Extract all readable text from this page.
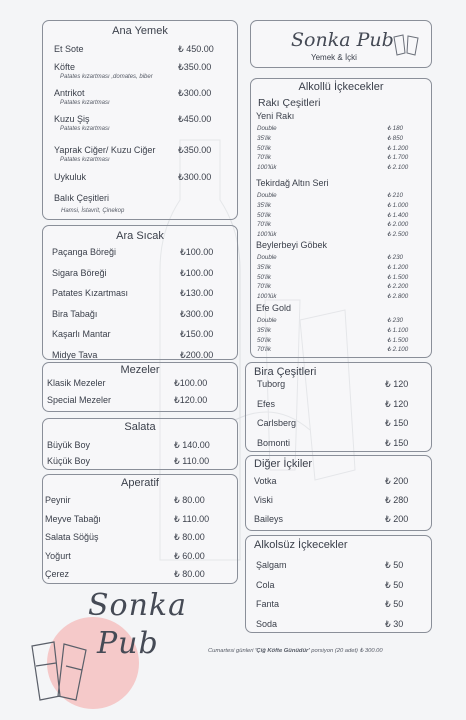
Sonka Pub
Yemek & İçki
Ana Yemek
Et Sote	₺ 450.00
Köfte	₺350.00
Patates kızartması ,domates, biber
Antrikot	₺300.00
Patates kızartması
Kuzu Şiş	₺450.00
Patates kızartması
Yaprak Ciğer/ Kuzu Ciğer	₺350.00
Patates kızartması
Uykuluk	₺300.00
Balık Çeşitleri
Hamsi, İstavrit, Çinekop
Ara Sıcak
Paçanga Böreği	₺100.00
Sigara Böreği	₺100.00
Patates Kızartması	₺130.00
Bira Tabağı	₺300.00
Kaşarlı Mantar	₺150.00
Midye Tava	₺200.00
Mezeler
Klasik Mezeler	₺100.00
Special Mezeler	₺120.00
Salata
Büyük Boy	₺ 140.00
Küçük Boy	₺ 110.00
Aperatif
Peynir	₺ 80.00
Meyve Tabağı	₺ 110.00
Salata Söğüş	₺ 80.00
Yoğurt	₺ 60.00
Çerez	₺ 80.00
Alkollü İçkecekler
Rakı Çeşitleri
Yeni Rakı
Double	₺ 180
35'lik	₺ 850
50'lik	₺ 1.200
70'lik	₺ 1.700
100'lük	₺ 2.100
Tekirdağ Altın Seri
Double	₺ 210
35'lik	₺ 1.000
50'lik	₺ 1.400
70'lik	₺ 2.000
100'lük	₺ 2.500
Beylerbeyi Göbek
Double	₺ 230
35'lik	₺ 1.200
50'lik	₺ 1.500
70'lik	₺ 2.200
100'lük	₺ 2.800
Efe Gold
Double	₺ 230
35'lik	₺ 1.100
50'lik	₺ 1.500
70'lik	₺ 2.100
Bira Çeşitleri
Tuborg	₺ 120
Efes	₺ 120
Carlsberg	₺ 150
Bomonti	₺ 150
Diğer İçkiler
Votka	₺ 200
Viski	₺ 280
Baileys	₺ 200
Alkolsüz İçkecekler
Şalgam	₺ 50
Cola	₺ 50
Fanta	₺ 50
Soda	₺ 30
Sonka
Pub	Cumartesi günleri 'Çiğ Köfte Günüdür' porsiyon (20 adet) ₺ 300.00
